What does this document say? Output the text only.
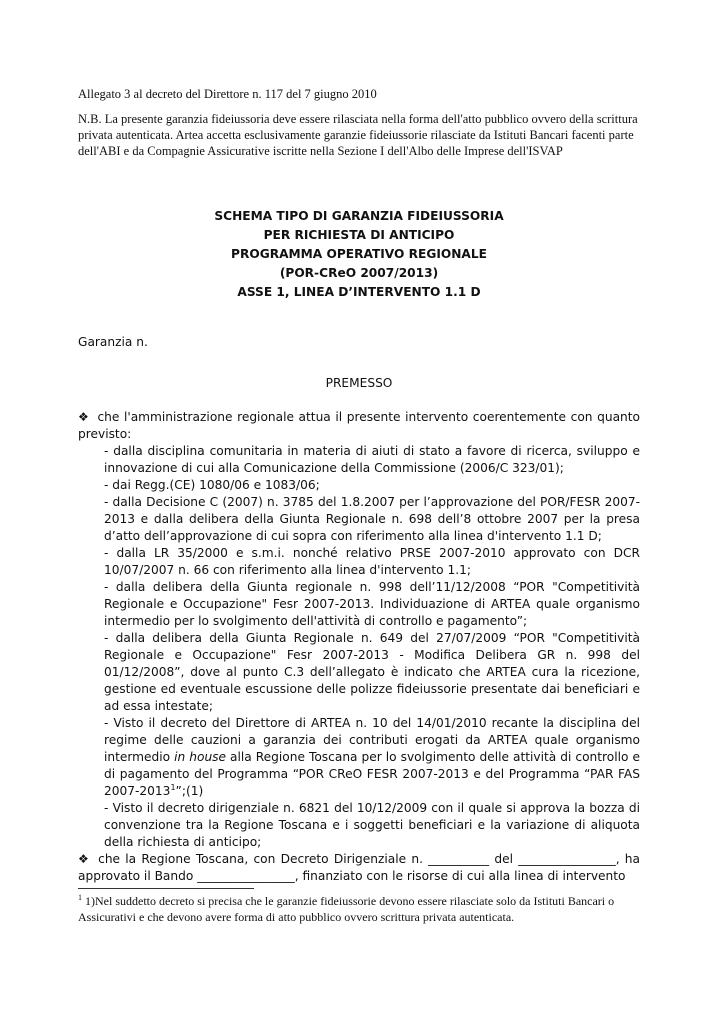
Allegato 3 al decreto del Direttore n. 117 del 7 giugno 2010
N.B. La presente garanzia fideiussoria deve essere rilasciata nella forma dell'atto pubblico ovvero della scrittura privata autenticata. Artea accetta esclusivamente garanzie fideiussorie rilasciate da Istituti Bancari facenti parte dell'ABI e da Compagnie Assicurative iscritte nella Sezione I dell'Albo delle Imprese dell'ISVAP
SCHEMA TIPO DI GARANZIA FIDEIUSSORIA
PER RICHIESTA DI ANTICIPO
PROGRAMMA OPERATIVO REGIONALE
(POR-CReO 2007/2013)
ASSE 1, LINEA D’INTERVENTO 1.1 D
Garanzia n.
PREMESSO
❖ che l'amministrazione regionale attua il presente intervento coerentemente con quanto previsto:

- dalla disciplina comunitaria in materia di aiuti di stato a favore di ricerca, sviluppo e innovazione di cui alla Comunicazione della Commissione (2006/C 323/01);

- dai Regg.(CE) 1080/06 e 1083/06;

- dalla Decisione C (2007) n. 3785 del 1.8.2007 per l’approvazione del POR/FESR 2007-2013 e dalla delibera della Giunta Regionale n. 698 dell’8 ottobre 2007 per la presa d’atto dell’approvazione di cui sopra con riferimento alla linea d'intervento 1.1 D;

- dalla LR 35/2000 e s.m.i. nonché relativo PRSE 2007-2010 approvato con DCR 10/07/2007 n. 66 con riferimento alla linea d'intervento 1.1;

- dalla delibera della Giunta regionale n. 998 dell’11/12/2008 “POR "Competitività Regionale e Occupazione" Fesr 2007-2013. Individuazione di ARTEA quale organismo intermedio per lo svolgimento dell'attività di controllo e pagamento”;

- dalla delibera della Giunta Regionale n. 649 del 27/07/2009 “POR "Competitività Regionale e Occupazione" Fesr 2007-2013 - Modifica Delibera GR n. 998 del 01/12/2008”, dove al punto C.3 dell’allegato è indicato che ARTEA cura la ricezione, gestione ed eventuale escussione delle polizze fideiussorie presentate dai beneficiari e ad essa intestate;

- Visto il decreto del Direttore di ARTEA n. 10 del 14/01/2010 recante la disciplina del regime delle cauzioni a garanzia dei contributi erogati da ARTEA quale organismo intermedio in house alla Regione Toscana per lo svolgimento delle attività di controllo e di pagamento del Programma “POR CReO FESR 2007-2013 e del Programma “PAR FAS 2007-2013$^1$”;(1)

- Visto il decreto dirigenziale n. 6821 del 10/12/2009 con il quale si approva la bozza di convenzione tra la Regione Toscana e i soggetti beneficiari e la variazione di aliquota della richiesta di anticipo;

❖ che la Regione Toscana, con Decreto Dirigenziale n. __________ del ________________, ha approvato il Bando ________________, finanziato con le risorse di cui alla linea di intervento
$^1$ 1)Nel suddetto decreto si precisa che le garanzie fideiussorie devono essere rilasciate solo da Istituti Bancari o Assicurativi e che devono avere forma di atto pubblico ovvero scrittura privata autenticata.
